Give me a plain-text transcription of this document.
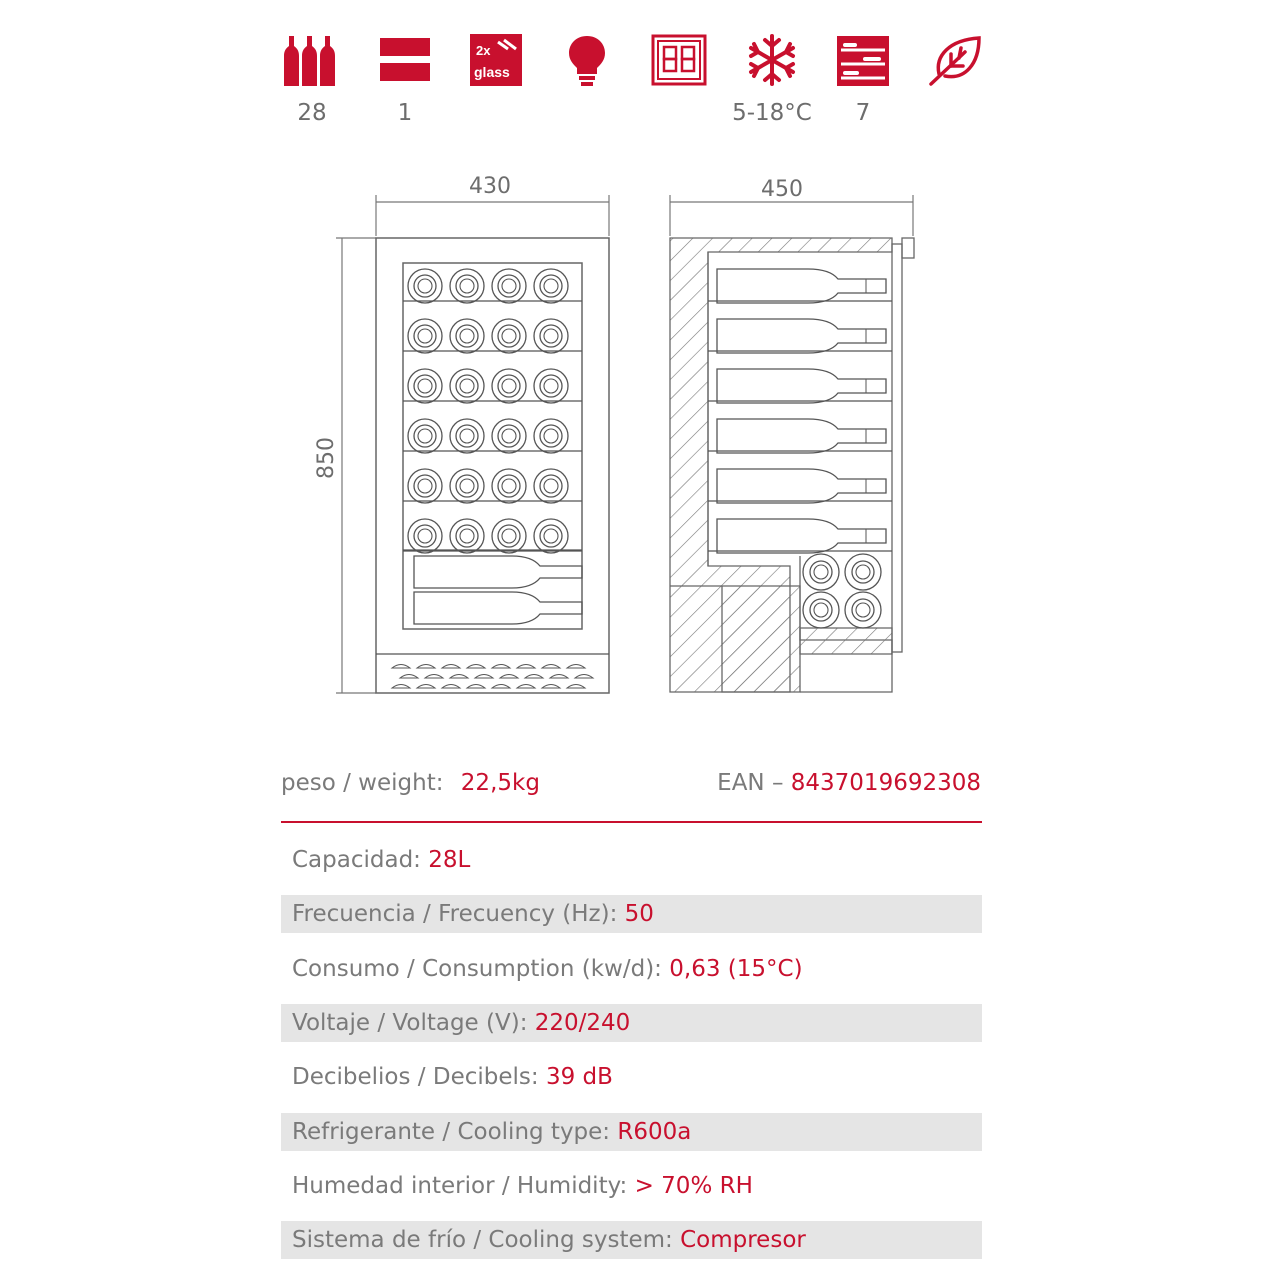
28	1
2x
glass
5-18°C	7
430
850
450
peso / weight: 22,5kg	EAN – 8437019692308
Capacidad: 28L
Frecuencia / Frecuency (Hz): 50
Consumo / Consumption (kw/d): 0,63 (15°C)
Voltaje / Voltage (V): 220/240
Decibelios / Decibels: 39 dB
Refrigerante / Cooling type: R600a
Humedad interior / Humidity: > 70% RH
Sistema de frío / Cooling system: Compresor
